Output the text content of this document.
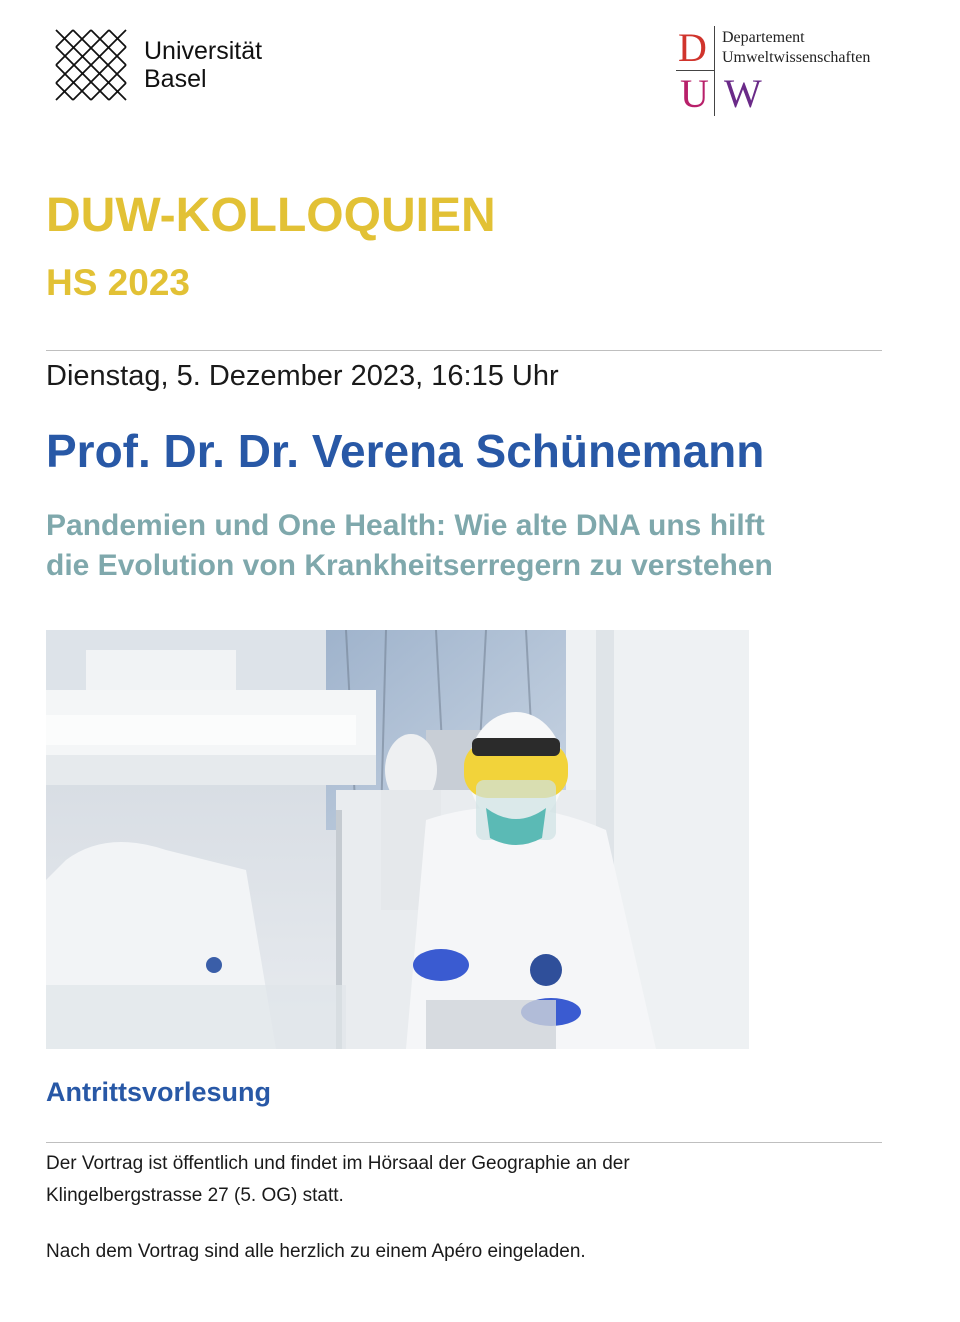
Universität
Basel
D
U W
Departement
Umweltwissenschaften
DUW-KOLLOQUIEN
HS 2023
Dienstag, 5. Dezember 2023, 16:15 Uhr
Prof. Dr. Dr. Verena Schünemann
Pandemien und One Health: Wie alte DNA uns hilft
die Evolution von Krankheitserregern zu verstehen
Antrittsvorlesung
Der Vortrag ist öffentlich und findet im Hörsaal der Geographie an der
Klingelbergstrasse 27 (5. OG) statt.
Nach dem Vortrag sind alle herzlich zu einem Apéro eingeladen.
